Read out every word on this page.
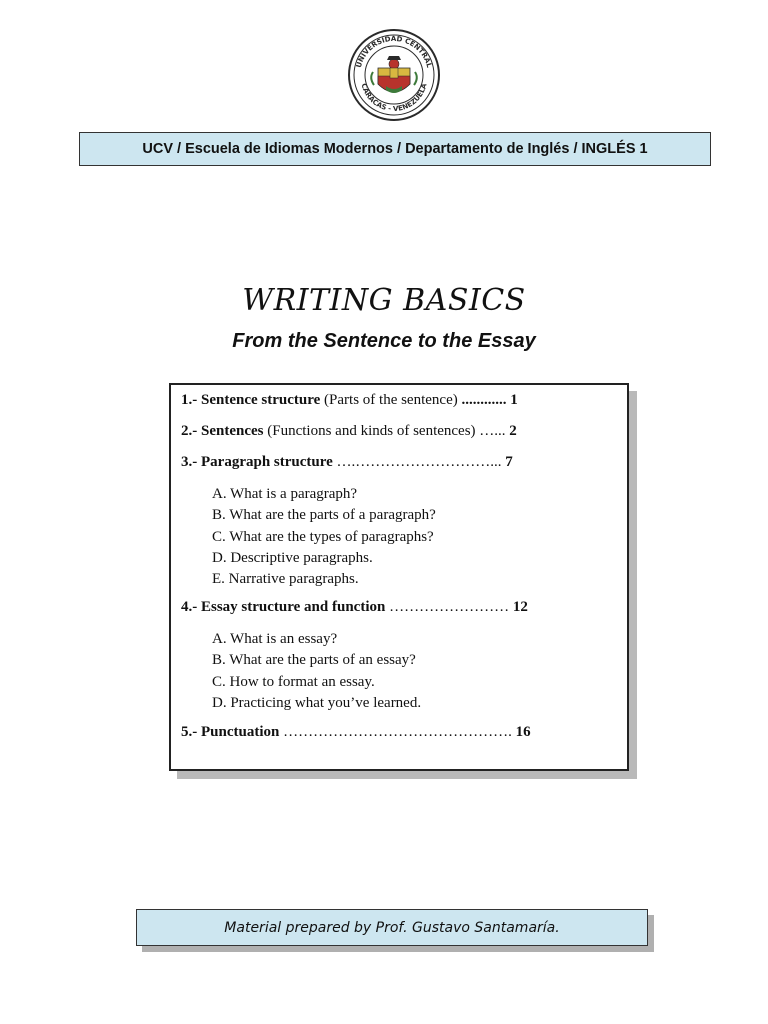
UNIVERSIDAD CENTRAL
CARACAS - VENEZUELA
UCV / Escuela de Idiomas Modernos / Departamento de Inglés / INGLÉS 1
WRITING BASICS
From the Sentence to the Essay
1.- Sentence structure (Parts of the sentence) ............ 1
2.- Sentences (Functions and kinds of sentences) …... 2
3.- Paragraph structure ….………………………... 7
A. What is a paragraph?
B. What are the parts of a paragraph?
C. What are the types of paragraphs?
D. Descriptive paragraphs.
E. Narrative paragraphs.
4.- Essay structure and function …………………… 12
A. What is an essay?
B. What are the parts of an essay?
C. How to format an essay.
D. Practicing what you’ve learned.
5.- Punctuation ………………………………………. 16
Material prepared by Prof. Gustavo Santamaría.
